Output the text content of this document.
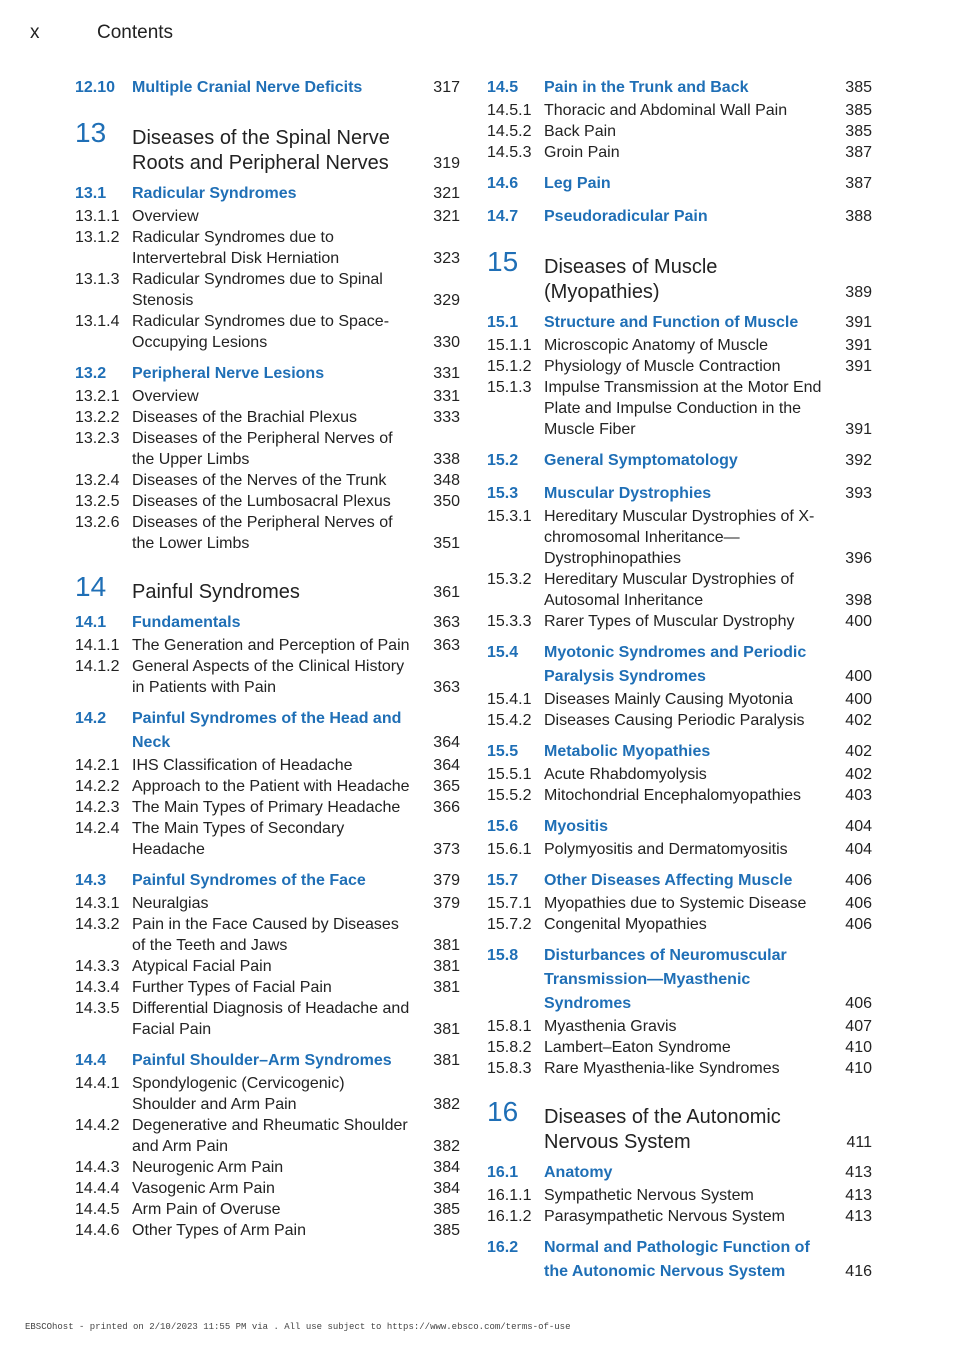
x	Contents
12.10 Multiple Cranial Nerve Deficits	317
13 Diseases of the Spinal Nerve Roots and Peripheral Nerves	319
13.1 Radicular Syndromes	321
13.1.1 Overview	321
13.1.2 Radicular Syndromes due to Intervertebral Disk Herniation	323
13.1.3 Radicular Syndromes due to Spinal Stenosis	329
13.1.4 Radicular Syndromes due to Space-Occupying Lesions	330
13.2 Peripheral Nerve Lesions	331
13.2.1 Overview	331
13.2.2 Diseases of the Brachial Plexus	333
13.2.3 Diseases of the Peripheral Nerves of the Upper Limbs	338
13.2.4 Diseases of the Nerves of the Trunk	348
13.2.5 Diseases of the Lumbosacral Plexus	350
13.2.6 Diseases of the Peripheral Nerves of the Lower Limbs	351
14 Painful Syndromes	361
14.1 Fundamentals	363
14.1.1 The Generation and Perception of Pain 363
14.1.2 General Aspects of the Clinical History in Patients with Pain	363
14.2 Painful Syndromes of the Head and Neck	364
14.2.1 IHS Classification of Headache	364
14.2.2 Approach to the Patient with Headache 365
14.2.3 The Main Types of Primary Headache	366
14.2.4 The Main Types of Secondary Headache	373
14.3 Painful Syndromes of the Face	379
14.3.1 Neuralgias	379
14.3.2 Pain in the Face Caused by Diseases of the Teeth and Jaws	381
14.3.3 Atypical Facial Pain	381
14.3.4 Further Types of Facial Pain	381
14.3.5 Differential Diagnosis of Headache and Facial Pain	381
14.4 Painful Shoulder–Arm Syndromes	381
14.4.1 Spondylogenic (Cervicogenic) Shoulder and Arm Pain	382
14.4.2 Degenerative and Rheumatic Shoulder and Arm Pain	382
14.4.3 Neurogenic Arm Pain	384
14.4.4 Vasogenic Arm Pain	384
14.4.5 Arm Pain of Overuse	385
14.4.6 Other Types of Arm Pain	385
14.5 Pain in the Trunk and Back	385
14.5.1 Thoracic and Abdominal Wall Pain	385
14.5.2 Back Pain	385
14.5.3 Groin Pain	387
14.6 Leg Pain	387
14.7 Pseudoradicular Pain	388
15 Diseases of Muscle (Myopathies)	389
15.1 Structure and Function of Muscle	391
15.1.1 Microscopic Anatomy of Muscle	391
15.1.2 Physiology of Muscle Contraction	391
15.1.3 Impulse Transmission at the Motor End Plate and Impulse Conduction in the Muscle Fiber	391
15.2 General Symptomatology	392
15.3 Muscular Dystrophies	393
15.3.1 Hereditary Muscular Dystrophies of X-chromosomal Inheritance—Dystrophinopathies	396
15.3.2 Hereditary Muscular Dystrophies of Autosomal Inheritance	398
15.3.3 Rarer Types of Muscular Dystrophy	400
15.4 Myotonic Syndromes and Periodic Paralysis Syndromes	400
15.4.1 Diseases Mainly Causing Myotonia	400
15.4.2 Diseases Causing Periodic Paralysis	402
15.5 Metabolic Myopathies	402
15.5.1 Acute Rhabdomyolysis	402
15.5.2 Mitochondrial Encephalomyopathies	403
15.6 Myositis	404
15.6.1 Polymyositis and Dermatomyositis	404
15.7 Other Diseases Affecting Muscle	406
15.7.1 Myopathies due to Systemic Disease	406
15.7.2 Congenital Myopathies	406
15.8 Disturbances of Neuromuscular Transmission—Myasthenic Syndromes	406
15.8.1 Myasthenia Gravis	407
15.8.2 Lambert–Eaton Syndrome	410
15.8.3 Rare Myasthenia-like Syndromes	410
16 Diseases of the Autonomic Nervous System	411
16.1 Anatomy	413
16.1.1 Sympathetic Nervous System	413
16.1.2 Parasympathetic Nervous System	413
16.2 Normal and Pathologic Function of the Autonomic Nervous System	416
EBSCOhost - printed on 2/10/2023 11:55 PM via . All use subject to https://www.ebsco.com/terms-of-use
